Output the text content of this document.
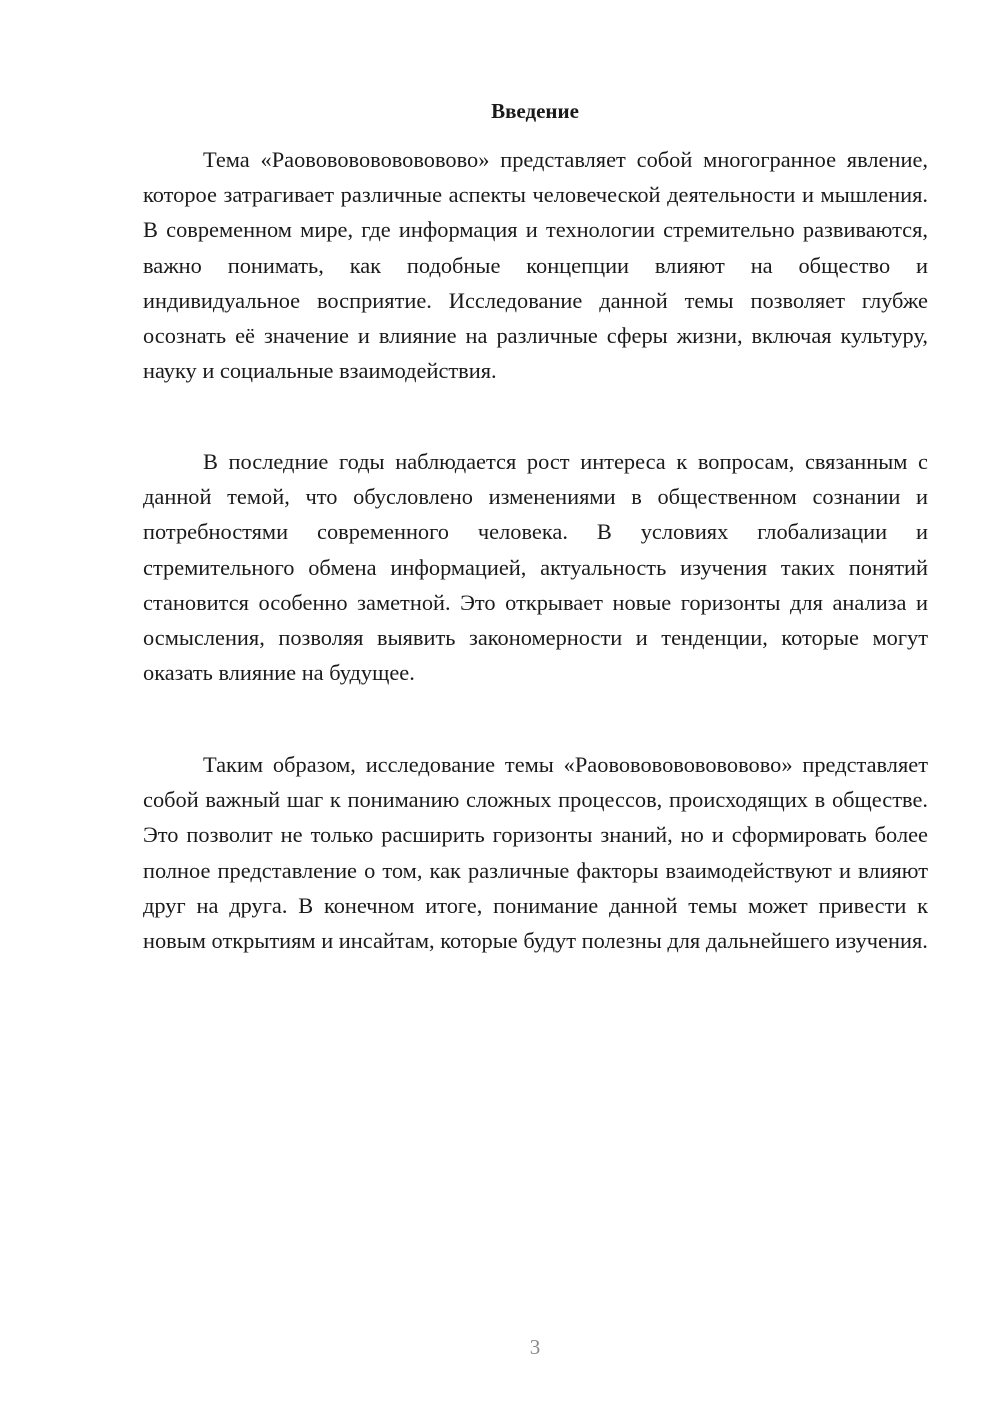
Введение

Тема «Раовововововововово» представляет собой многогранное явление, которое затрагивает различные аспекты человеческой деятельности и мышления. В современном мире, где информация и технологии стремительно развиваются, важно понимать, как подобные концепции влияют на общество и индивидуальное восприятие. Исследование данной темы позволяет глубже осознать её значение и влияние на различные сферы жизни, включая культуру, науку и социальные взаимодействия.

В последние годы наблюдается рост интереса к вопросам, связанным с данной темой, что обусловлено изменениями в общественном сознании и потребностями современного человека. В условиях глобализации и стремительного обмена информацией, актуальность изучения таких понятий становится особенно заметной. Это открывает новые горизонты для анализа и осмысления, позволяя выявить закономерности и тенденции, которые могут оказать влияние на будущее.

Таким образом, исследование темы «Раовововововововово» представляет собой важный шаг к пониманию сложных процессов, происходящих в обществе. Это позволит не только расширить горизонты знаний, но и сформировать более полное представление о том, как различные факторы взаимодействуют и влияют друг на друга. В конечном итоге, понимание данной темы может привести к новым открытиям и инсайтам, которые будут полезны для дальнейшего изучения.

3
